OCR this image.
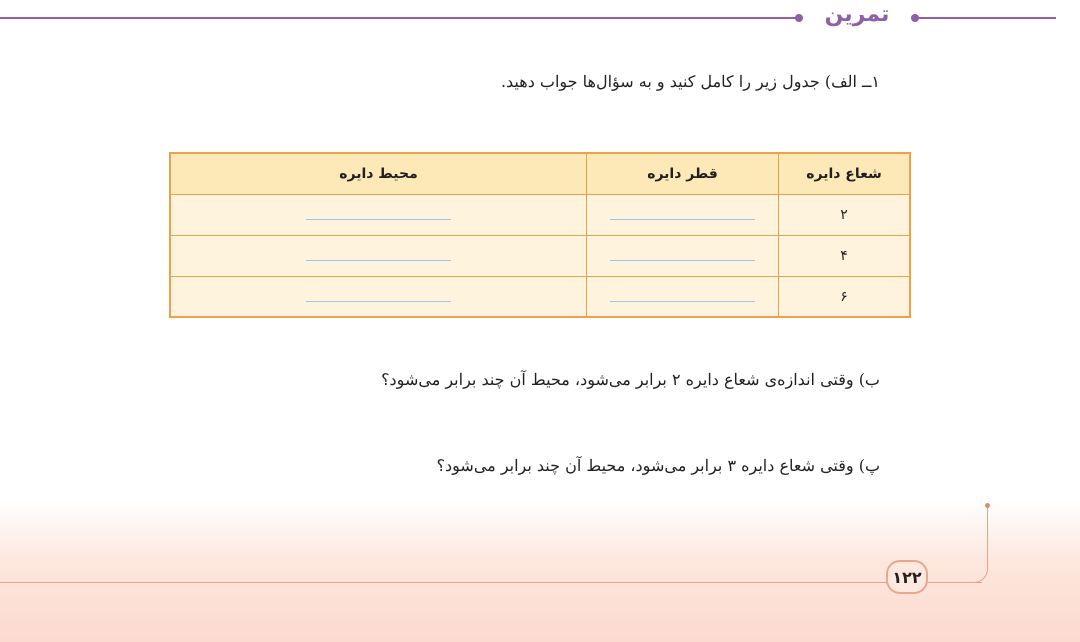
تمرین
۱ــ الف) جدول زیر را کامل کنید و به سؤال‌ها جواب دهید.
شعاع دایره
قطر دایره
محیط دایره
۲
۴
۶
ب) وقتی اندازه‌ی شعاع دایره ۲ برابر می‌شود، محیط آن چند برابر می‌شود؟
پ) وقتی شعاع دایره ۳ برابر می‌شود، محیط آن چند برابر می‌شود؟
۱۲۲
